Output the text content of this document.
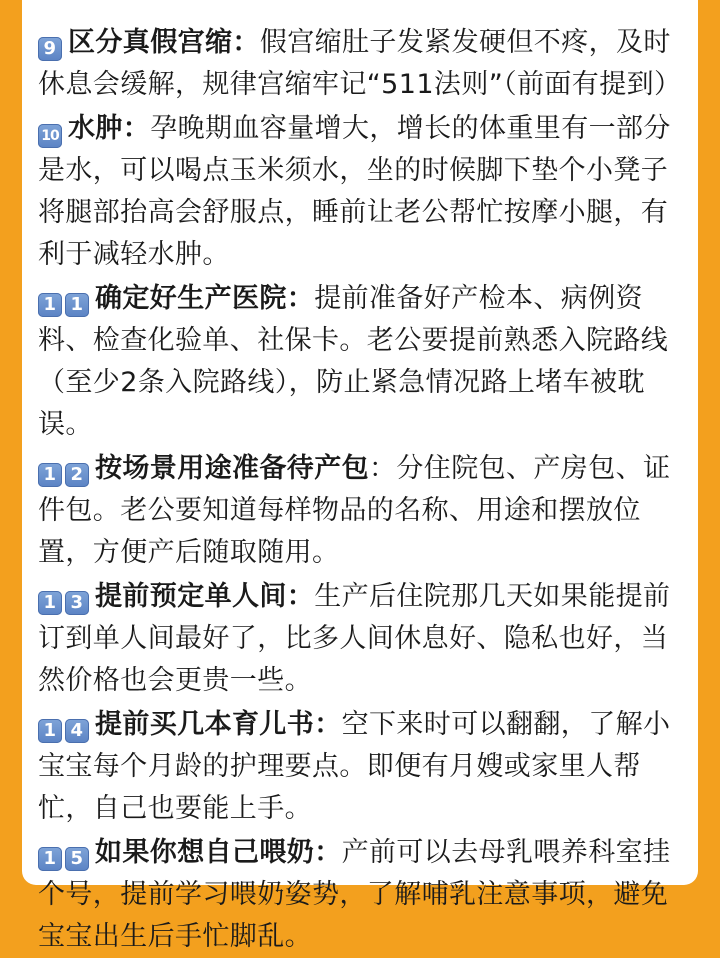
9 区分真假宫缩：假宫缩肚子发紧发硬但不疼，及时休息会缓解，规律宫缩牢记“511法则”（前面有提到）

10 水肿：孕晚期血容量增大，增长的体重里有一部分是水，可以喝点玉米须水，坐的时候脚下垫个小凳子将腿部抬高会舒服点，睡前让老公帮忙按摩小腿，有利于减轻水肿。

1 1 确定好生产医院：提前准备好产检本、病例资料、检查化验单、社保卡。老公要提前熟悉入院路线（至少2条入院路线），防止紧急情况路上堵车被耽误。

1 2 按场景用途准备待产包：分住院包、产房包、证件包。老公要知道每样物品的名称、用途和摆放位置，方便产后随取随用。

1 3 提前预定单人间：生产后住院那几天如果能提前订到单人间最好了，比多人间休息好、隐私也好，当然价格也会更贵一些。

1 4 提前买几本育儿书：空下来时可以翻翻，了解小宝宝每个月龄的护理要点。即便有月嫂或家里人帮忙，自己也要能上手。

1 5 如果你想自己喂奶：产前可以去母乳喂养科室挂个号，提前学习喂奶姿势，了解哺乳注意事项，避免宝宝出生后手忙脚乱。
